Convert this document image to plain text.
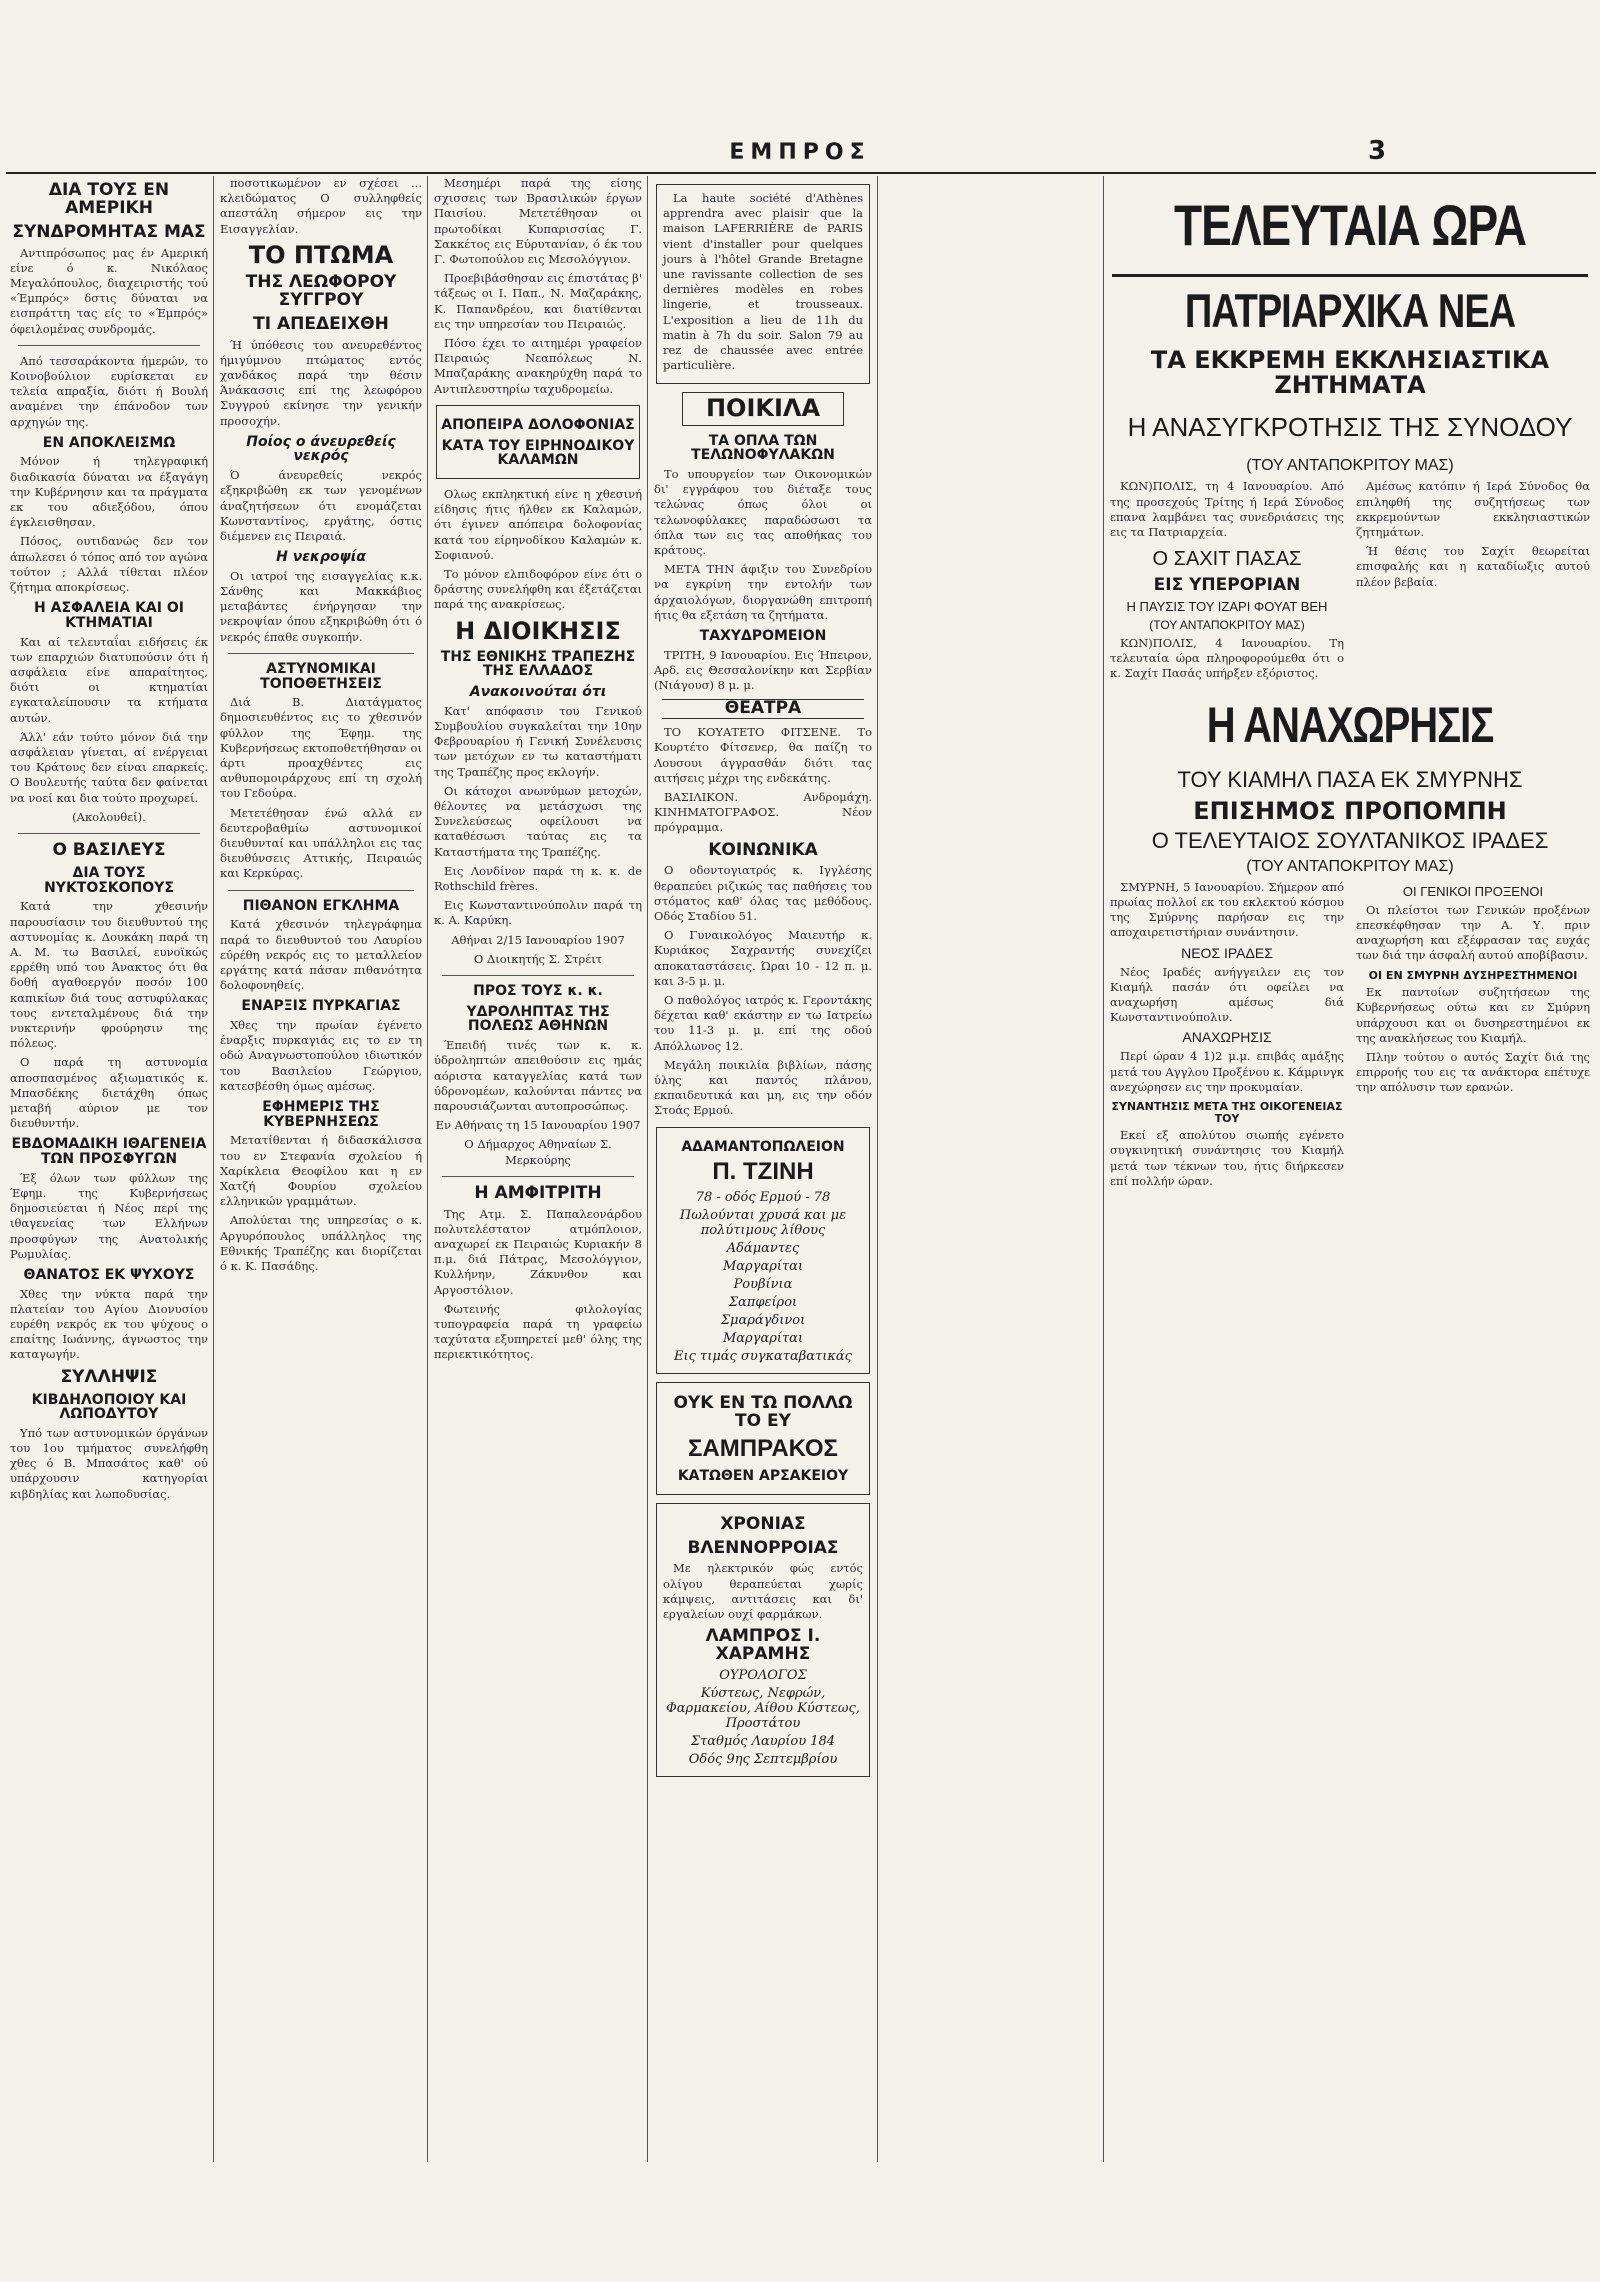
ΕΜΠΡΟΣ	3
ΔΙΑ ΤΟΥΣ ΕΝ ΑΜΕΡΙΚΗ
ΣΥΝΔΡΟΜΗΤΑΣ ΜΑΣ

Αντιπρόσωπος μας έν Αμερική είνε ό κ. Νικόλαος Μεγαλόπουλος, διαχειριστής τού «Έμπρός» δστις δύναται να εισπράττη τας είς το «Έμπρός» όφειλομένας συνδρομάς.

Από τεσσαράκοντα ήμερών, το Κοινοβούλιον ευρίσκεται εν τελεία απραξία, διότι ή Βουλή αναμένει την έπάνοδον των αρχηγών της.

ΕΝ ΑΠΟΚΛΕΙΣΜΩ

Μόνον ή τηλεγραφική διαδικασία δύναται να έξαγάγη την Κυβέρνησιν και τα πράγματα εκ του αδιεξόδου, όπου έγκλεισθησαν.

Πόσος, ουτιδανώς δεν τον άπωλεσει ό τόπος από τον αγώνα τούτον ; Αλλά τίθεται πλέον ζήτημα αποκρίσεως.

Η ΑΣΦΑΛΕΙΑ ΚΑΙ ΟΙ ΚΤΗΜΑΤΙΑΙ

Και αί τελευταΐαι ειδήσεις έκ των επαρχιών διατυπούσιν ότι ή ασφάλεια είνε απαραίτητος, διότι οι κτηματίαι εγκαταλείπουσιν τα κτήματα αυτών.

Άλλ' εάν τούτο μόνον διά την ασφάλειαν γίνεται, αί ενέργειαι του Κράτους δεν είναι επαρκείς. Ο Βουλευτής ταύτα δεν φαίνεται να νοεί και δια τούτο προχωρεί.

(Ακολουθεί).

Ο ΒΑΣΙΛΕΥΣ
ΔΙΑ ΤΟΥΣ ΝΥΚΤΟΣΚΟΠΟΥΣ

Κατά την χθεσινήν παρουσίασιν του διευθυντού της αστυνομίας κ. Δουκάκη παρά τη Α. Μ. τω Βασιλεί, ευνοϊκώς ερρέθη υπό του Άνακτος ότι θα δοθή αγαθοεργόν ποσόν 100 καπικίων διά τους αστυφύλακας τους εντεταλμένους διά την νυκτερινήν φρούρησιν της πόλεως.

Ο παρά τη αστυνομία αποσπασμένος αξιωματικός κ. Μπασδέκης διετάχθη όπως μεταβή αύριον με τον διευθυντήν.

ΕΒΔΟΜΑΔΙΚΗ ΙΘΑΓΕΝΕΙΑ ΤΩΝ ΠΡΟΣΦΥΓΩΝ

Έξ όλων των φύλλων της Έφημ. της Κυβερνήσεως δημοσιεύεται ή Νέος περί της ιθαγενείας των Ελλήνων προσφύγων της Ανατολικής Ρωμυλίας.

ΘΑΝΑΤΟΣ ΕΚ ΨΥΧΟΥΣ

Χθες την νύκτα παρά την πλατείαν του Αγίου Διονυσίου ευρέθη νεκρός εκ του ψύχους ο επαίτης Ιωάννης, άγνωστος την καταγωγήν.

ΣΥΛΛΗΨΙΣ
ΚΙΒΔΗΛΟΠΟΙΟΥ ΚΑΙ ΛΩΠΟΔΥΤΟΥ

Υπό των αστυνομικών όργάνων του 1ου τμήματος συνελήφθη χθες ό Β. Μπασάτος καθ' ού υπάρχουσιν κατηγορίαι κιβδηλίας και λωποδυσίας.

ποσοτικωμένον εν σχέσει ... κλειδώματος Ο συλληφθείς απεστάλη σήμερον εις την Εισαγγελίαν.

ΤΟ ΠΤΩΜΑ
ΤΗΣ ΛΕΩΦΟΡΟΥ ΣΥΓΓΡΟΥ
ΤΙ ΑΠΕΔΕΙΧΘΗ

Ή ύπόθεσις του ανευρεθέντος ήμιγύμνου πτώματος εντός χανδάκος παρά την θέσιν Άνάκασσις επί της λεωφόρου Συγγρού εκίνησε την γενικήν προσοχήν.

Ποίος ο άνευρεθείς νεκρός

Ό άνευρεθείς νεκρός εξηκριβώθη εκ των γενομένων άναζητήσεων ότι ενομάζεται Κωνσταντίνος, εργάτης, όστις διέμενεν εις Πειραιά.

Η νεκροψία

Οι ιατροί της εισαγγελίας κ.κ. Σάνθης και Μακκάβιος μεταβάντες ένήργησαν την νεκροψίαν όπου εξηκριβώθη ότι ό νεκρός έπαθε συγκοπήν.

ΑΣΤΥΝΟΜΙΚΑΙ ΤΟΠΟΘΕΤΗΣΕΙΣ

Διά Β. Διατάγματος δημοσιευθέντος εις το χθεσινόν φύλλον της Έφημ. της Κυβερνήσεως εκτοποθετήθησαν οι άρτι προαχθέντες εις ανθυπομοιράρχους επί τη σχολή του Γεδούρα.

Μετετέθησαν ένώ αλλά εν δευτεροβαθμίω αστυνομικοί διευθυνταί και υπάλληλοι εις τας διευθύνσεις Αττικής, Πειραιώς και Κερκύρας.

ΠΙΘΑΝΟΝ ΕΓΚΛΗΜΑ

Κατά χθεσινόν τηλεγράφημα παρά το διευθυντού του Λαυρίου εύρέθη νεκρός εις το μεταλλείον εργάτης κατά πάσαν πιθανότητα δολοφονηθείς.

ΕΝΑΡΞΙΣ ΠΥΡΚΑΓΙΑΣ

Χθες την πρωίαν έγένετο έναρξις πυρκαγιάς εις το εν τη οδώ Αναγνωστοπούλου ιδιωτικόν του Βασιλείου Γεώργιου, κατεσβέσθη όμως αμέσως.

ΕΦΗΜΕΡΙΣ ΤΗΣ ΚΥΒΕΡΝΗΣΕΩΣ

Μετατίθενται ή διδασκάλισσα του εν Στεφανία σχολείου ή Χαρίκλεια Θεοφίλου και η εν Χατζή Φουρίου σχολείου ελληνικών γραμμάτων.

Απολύεται της υπηρεσίας ο κ. Αργυρόπουλος υπάλληλος της Εθνικής Τραπέζης και διορίζεται ό κ. Κ. Πασάδης.

Μεσημέρι παρά της είσης σχισσεις των Βρασιλικών έργων Παισίου. Μετετέθησαν οι πρωτοδίκαι Κυπαρισσίας Γ. Σακκέτος εις Εύρυτανίαν, ό έκ του Γ. Φωτοπούλου εις Μεσολόγγιον.

Προεβιβάσθησαν εις έπιστάτας β' τάξεως οι Ι. Παπ., Ν. Μαζαράκης, Κ. Παπανδρέου, και διατίθενται εις την υπηρεσίαν του Πειραιώς.

Πόσο έχει το αιτημέρι γραφείον Πειραιώς Νεαπόλεως Ν. Μπαζαράκης ανακηρύχθη παρά το Αντιπλευστηρίω ταχυδρομείω.

ΑΠΟΠΕΙΡΑ ΔΟΛΟΦΟΝΙΑΣ
ΚΑΤΑ ΤΟΥ ΕΙΡΗΝΟΔΙΚΟΥ ΚΑΛΑΜΩΝ

Ολως εκπληκτική είνε η χθεσινή είδησις ήτις ήλθεν εκ Καλαμών, ότι έγινεν απόπειρα δολοφονίας κατά του είρηνοδίκου Καλαμών κ. Σοφιανού.

Το μόνον ελπιδοφόρον είνε ότι ο δράστης συνελήφθη και έξετάζεται παρά της ανακρίσεως.

Η ΔΙΟΙΚΗΣΙΣ
ΤΗΣ ΕΘΝΙΚΗΣ ΤΡΑΠΕΖΗΣ ΤΗΣ ΕΛΛΑΔΟΣ
Ανακοινούται ότι

Κατ' απόφασιν του Γενικού Συμβουλίου συγκαλείται την 10ην Φεβρουαρίου ή Γενική Συνέλευσις των μετόχων εν τω καταστήματι της Τραπέζης προς εκλογήν.

Οι κάτοχοι ανωνύμων μετοχών, θέλοντες να μετάσχωσι της Συνελεύσεως οφείλουσι να καταθέσωσι ταύτας εις τα Καταστήματα της Τραπέζης.

Εις Λονδίνον παρά τη κ. κ. de Rothschild frères.

Εις Κωνσταντινούπολιν παρά τη κ. Α. Καρύκη.

Αθήναι 2/15 Ιανουαρίου 1907

Ο Διοικητής Σ. Στρέιτ

ΠΡΟΣ ΤΟΥΣ κ. κ.
ΥΔΡΟΛΗΠΤΑΣ ΤΗΣ ΠΟΛΕΩΣ ΑΘΗΝΩΝ

Έπειδή τινές των κ. κ. ύδροληπτών απειθούσιν εις ημάς αόριστα καταγγελίας κατά των ύδρονομέων, καλούνται πάντες να παρουσιάζωνται αυτοπροσώπως.

Εν Αθήναις τη 15 Ιανουαρίου 1907

Ο Δήμαρχος Αθηναίων Σ. Μερκούρης

Η ΑΜΦΙΤΡΙΤΗ

Της Ατμ. Σ. Παπαλεονάρδου πολυτελέστατον ατμόπλοιον, αναχωρεί εκ Πειραιώς Κυριακήν 8 π.μ. διά Πάτρας, Μεσολόγγιον, Κυλλήνην, Ζάκυνθον και Αργοστόλιον.

Φωτεινής φιλολογίας τυπογραφεία παρά τη γραφείω ταχύτατα εξυπηρετεί μεθ' όλης της περιεκτικότητος.

La haute société d'Athènes apprendra avec plaisir que la maison LAFERRIÈRE de PARIS vient d'installer pour quelques jours à l'hôtel Grande Bretagne une ravissante collection de ses dernières modèles en robes lingerie, et trousseaux. L'exposition a lieu de 11h du matin à 7h du soir. Salon 79 au rez de chaussée avec entrée particulière.

ΠΟΙΚΙΛΑ
ΤΑ ΟΠΛΑ ΤΩΝ ΤΕΛΩΝΟΦΥΛΑΚΩΝ

Το υπουργείον των Οικονομικών δι' εγγράφου του διέταξε τους τελώνας όπως όλοι οι τελωνοφύλακες παραδώσωσι τα όπλα των εις τας αποθήκας του κράτους.

ΜΕΤΑ ΤΗΝ άφιξιν του Συνεδρίου να εγκρίνη την εντολήν των άρχαιολόγων, διοργανώθη επιτροπή ήτις θα εξετάση τα ζητήματα.

ΤΑΧΥΔΡΟΜΕΙΟΝ

ΤΡΙΤΗ, 9 Ιανουαρίου. Εις Ήπειρον, Αρδ. εις Θεσσαλονίκην και Σερβίαν (Νιάγουσ) 8 μ. μ.

ΘΕΑΤΡΑ

ΤΟ ΚΟΥΑΤΕΤΟ ΦΙΤΣΕΝΕ. Το Κουρτέτο Φίτσενερ, θα παίζη το Λουσουι άγγρασθάν διότι τας αιτήσεις μέχρι της ενδεκάτης.

ΒΑΣΙΛΙΚΟΝ. Ανδρομάχη. ΚΙΝΗΜΑΤΟΓΡΑΦΟΣ. Νέον πρόγραμμα.

ΚΟΙΝΩΝΙΚΑ

Ο οδοντογιατρός κ. Ιγγλέσης θεραπεύει ριζικώς τας παθήσεις του στόματος καθ' όλας τας μεθόδους. Οδός Σταδίου 51.

Ο Γυναικολόγος Μαιευτήρ κ. Κυριάκος Σαχραντής συνεχίζει αποκαταστάσεις. Ώραι 10 - 12 π. μ. και 3-5 μ. μ.

Ο παθολόγος ιατρός κ. Γεροντάκης δέχεται καθ' εκάστην εν τω Ιατρείω του 11-3 μ. μ. επί της οδού Απόλλωνος 12.

Μεγάλη ποικιλία βιβλίων, πάσης ύλης και παντός πλάνου, εκπαιδευτικά και μη, εις την οδόν Στοάς Ερμού.

ΑΔΑΜΑΝΤΟΠΩΛΕΙΟΝ
Π. ΤΖΙΝΗ
78 - οδός Ερμού - 78
Πωλούνται χρυσά και με πολύτιμους λίθους
Αδάμαντες
Μαργαρίται
Ρουβίνια
Σαπφείροι
Σμαράγδινοι
Μαργαρίται
Εις τιμάς συγκαταβατικάς
ΟΥΚ ΕΝ ΤΩ ΠΟΛΛΩ ΤΟ ΕΥ
ΣΑΜΠΡΑΚΟΣ
ΚΑΤΩΘΕΝ ΑΡΣΑΚΕΙΟΥ
ΧΡΟΝΙΑΣ
ΒΛΕΝΝΟΡΡΟΙΑΣ

Με ηλεκτρικόν φώς εντός ολίγου θεραπεύεται χωρίς κάμψεις, αντιτάσεις και δι' εργαλείων ουχί φαρμάκων.

ΛΑΜΠΡΟΣ Ι. ΧΑΡΑΜΗΣ
ΟΥΡΟΛΟΓΟΣ
Κύστεως, Νεφρών, Φαρμακείου, Αίθου Κύστεως, Προστάτου
Σταθμός Λαυρίου 184
Οδός 9ης Σεπτεμβρίου
ΤΕΛΕΥΤΑΙΑ ΩΡΑ
ΠΑΤΡΙΑΡΧΙΚΑ ΝΕΑ
ΤΑ ΕΚΚΡΕΜΗ ΕΚΚΛΗΣΙΑΣΤΙΚΑ ΖΗΤΗΜΑΤΑ
Η ΑΝΑΣΥΓΚΡΟΤΗΣΙΣ ΤΗΣ ΣΥΝΟΔΟΥ
(ΤΟΥ ΑΝΤΑΠΟΚΡΙΤΟΥ ΜΑΣ)

ΚΩΝ)ΠΟΛΙΣ, τη 4 Ιανουαρίου. Από της προσεχούς Τρίτης ή Ιερά Σύνοδος επανα λαμβάνει τας συνεδριάσεις της εις τα Πατριαρχεία.

Αμέσως κατόπιν ή Ιερά Σύνοδος θα επιληφθή της συζητήσεως των εκκρεμούντων εκκλησιαστικών ζητημάτων.

Ο ΣΑΧΙΤ ΠΑΣΑΣ
ΕΙΣ ΥΠΕΡΟΡΙΑΝ
Η ΠΑΥΣΙΣ ΤΟΥ ΙΖΑΡΙ ΦΟΥΑΤ ΒΕΗ
(ΤΟΥ ΑΝΤΑΠΟΚΡΙΤΟΥ ΜΑΣ)

ΚΩΝ)ΠΟΛΙΣ, 4 Ιανουαρίου. Τη τελευταία ώρα πληροφορούμεθα ότι ο κ. Σαχίτ Πασάς υπήρξεν εξόριστος.

Ή θέσις του Σαχίτ θεωρείται επισφαλής και η καταδίωξις αυτού πλέον βεβαία.

Η ΑΝΑΧΩΡΗΣΙΣ
ΤΟΥ ΚΙΑΜΗΛ ΠΑΣΑ ΕΚ ΣΜΥΡΝΗΣ
ΕΠΙΣΗΜΟΣ ΠΡΟΠΟΜΠΗ
Ο ΤΕΛΕΥΤΑΙΟΣ ΣΟΥΛΤΑΝΙΚΟΣ ΙΡΑΔΕΣ
(ΤΟΥ ΑΝΤΑΠΟΚΡΙΤΟΥ ΜΑΣ)

ΣΜΥΡΝΗ, 5 Ιανουαρίου. Σήμερον από πρωίας πολλοί εκ του εκλεκτού κόσμου της Σμύρνης παρήσαν εις την αποχαιρετιστήριαν συνάντησιν.

ΝΕΟΣ ΙΡΑΔΕΣ

Νέος Ιραδές ανήγγειλεν εις τον Κιαμήλ πασάν ότι οφείλει να αναχωρήση αμέσως διά Κωνσταντινούπολιν.

ΑΝΑΧΩΡΗΣΙΣ

Περί ώραν 4 1)2 μ.μ. επιβάς αμάξης μετά του Αγγλου Προξένου κ. Κάμρινγκ ανεχώρησεν εις την προκυμαίαν.

ΣΥΝΑΝΤΗΣΙΣ ΜΕΤΑ ΤΗΣ ΟΙΚΟΓΕΝΕΙΑΣ ΤΟΥ

Εκεί εξ απολύτου σιωπής εγένετο συγκινητική συνάντησις του Κιαμήλ μετά των τέκνων του, ήτις διήρκεσεν επί πολλήν ώραν.

ΟΙ ΓΕΝΙΚΟΙ ΠΡΟΞΕΝΟΙ

Οι πλείστοι των Γενικών προξένων επεσκέφθησαν την Α. Υ. πριν αναχωρήση και εξέφρασαν τας ευχάς των διά την άσφαλή αυτού αποβίβασιν.

ΟΙ ΕΝ ΣΜΥΡΝΗ ΔΥΣΗΡΕΣΤΗΜΕΝΟΙ

Εκ παντοίων συζητήσεων της Κυβερνήσεως ούτω και εν Σμύρνη υπάρχουσι και οι δυσηρεστημένοι εκ της ανακλήσεως του Κιαμήλ.

Πλην τούτου ο αυτός Σαχίτ διά της επιρροής του εις τα ανάκτορα επέτυχε την απόλυσιν των ερανών.
